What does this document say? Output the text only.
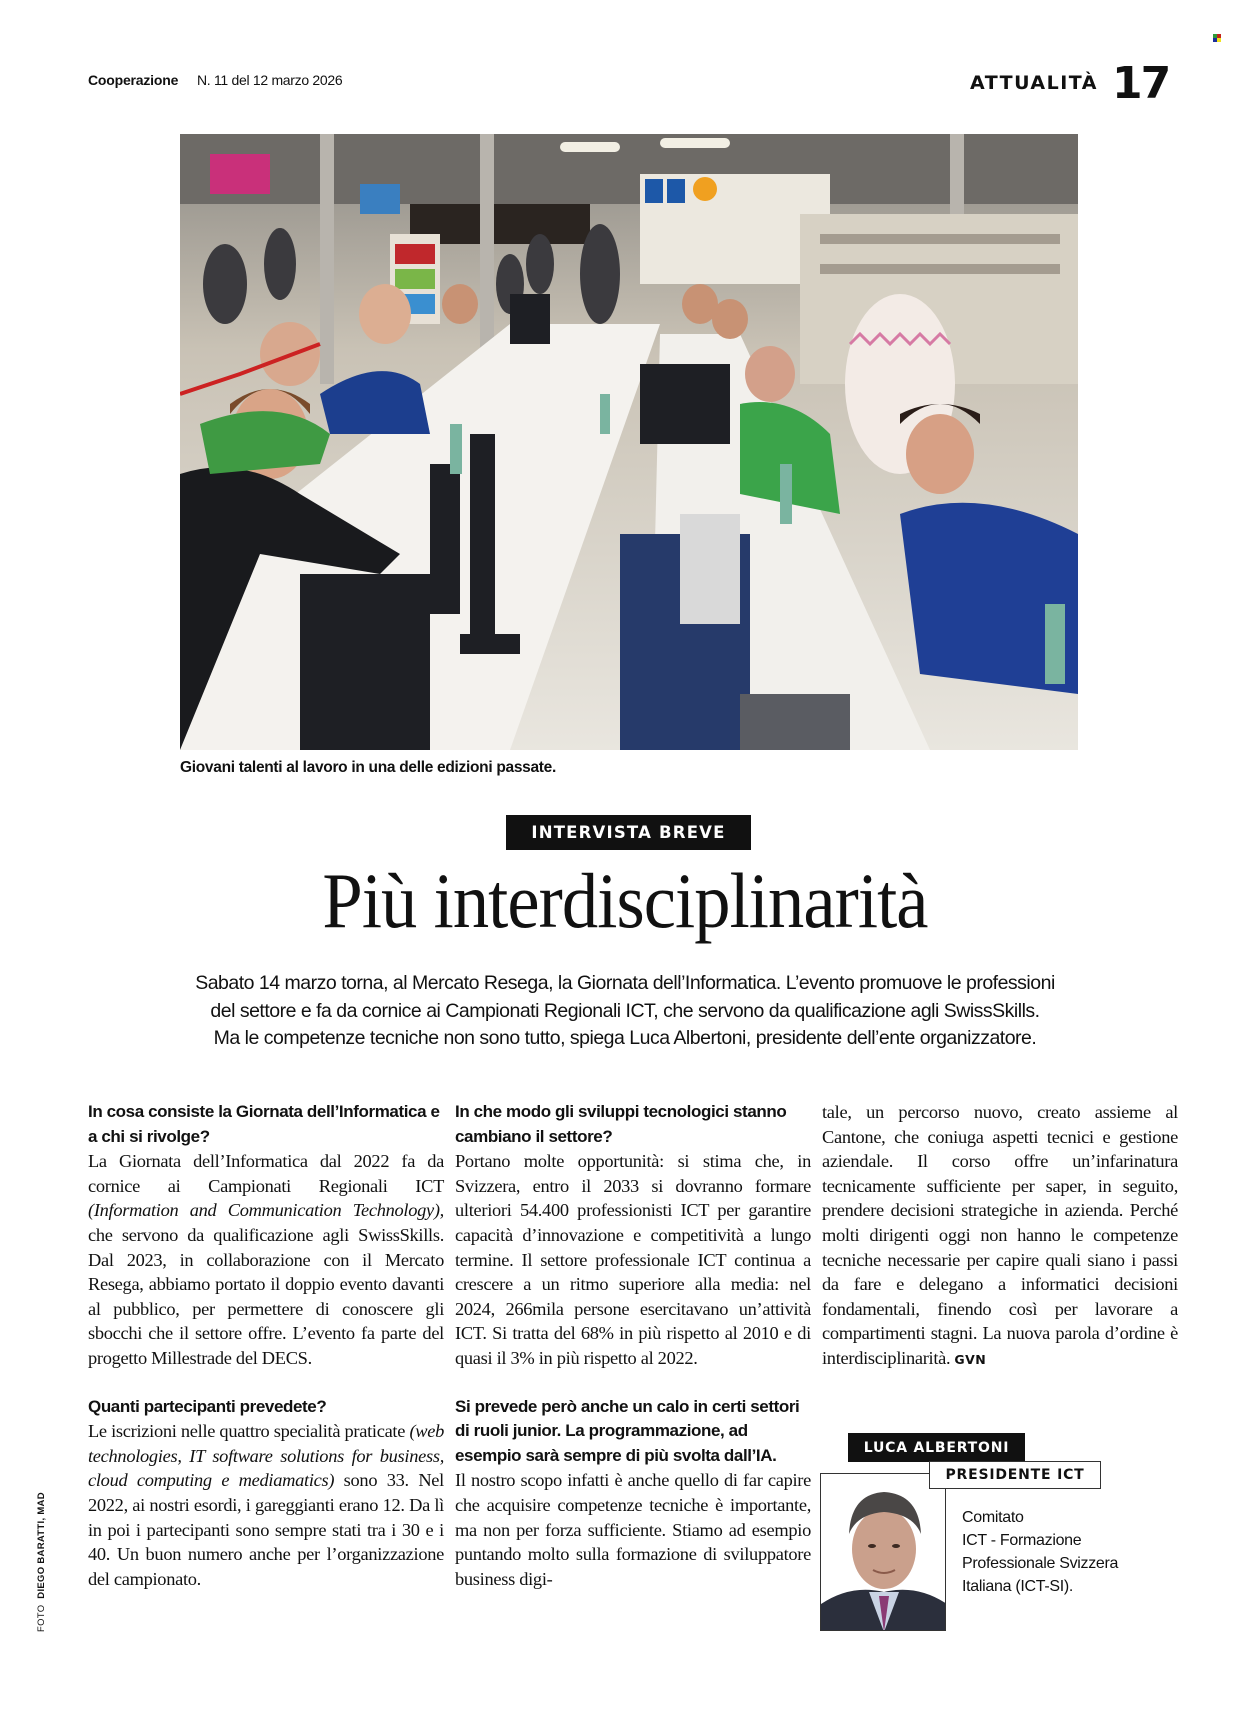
Cooperazione N. 11 del 12 marzo 2026	ATTUALITÀ 17
Giovani talenti al lavoro in una delle edizioni passate.
INTERVISTA BREVE
Più interdisciplinarità
Sabato 14 marzo torna, al Mercato Resega, la Giornata dell’Informatica. L’evento promuove le professioni
del settore e fa da cornice ai Campionati Regionali ICT, che servono da qualificazione agli SwissSkills.
Ma le competenze tecniche non sono tutto, spiega Luca Albertoni, presidente dell’ente organizzatore.
In cosa consiste la Giornata dell’Informatica e a chi si rivolge?

La Giornata dell’Informatica dal 2022 fa da cornice ai Campionati Regionali ICT (Information and Communication Technology), che servono da qualificazione agli SwissSkills. Dal 2023, in collaborazione con il Mercato Resega, abbiamo portato il doppio evento davanti al pubblico, per permettere di conoscere gli sbocchi che il settore offre. L’evento fa parte del progetto Millestrade del DECS.

Quanti partecipanti prevedete?

Le iscrizioni nelle quattro specialità praticate (web technologies, IT software solutions for business, cloud computing e mediamatics) sono 33. Nel 2022, ai nostri esordi, i gareggianti erano 12. Da lì in poi i partecipanti sono sempre stati tra i 30 e i 40. Un buon numero anche per l’organizzazione del campionato.

In che modo gli sviluppi tecnologici stanno cambiano il settore?

Portano molte opportunità: si stima che, in Svizzera, entro il 2033 si dovranno formare ulteriori 54.400 professionisti ICT per garantire capacità d’innovazione e competitività a lungo termine. Il settore professionale ICT continua a crescere a un ritmo superiore alla media: nel 2024, 266mila persone esercitavano un’attività ICT. Si tratta del 68% in più rispetto al 2010 e di quasi il 3% in più rispetto al 2022.

Si prevede però anche un calo in certi settori di ruoli junior. La programmazione, ad esempio sarà sempre di più svolta dall’IA.

Il nostro scopo infatti è anche quello di far capire che acquisire competenze tecniche è importante, ma non per forza sufficiente. Stiamo ad esempio puntando molto sulla formazione di sviluppatore business digi-

tale, un percorso nuovo, creato assieme al Cantone, che coniuga aspetti tecnici e gestione aziendale. Il corso offre un’infarinatura tecnicamente sufficiente per saper, in seguito, prendere decisioni strategiche in azienda. Perché molti dirigenti oggi non hanno le competenze tecniche necessarie per capire quali siano i passi da fare e delegano a informatici decisioni fondamentali, finendo così per lavorare a compartimenti stagni. La nuova parola d’ordine è interdisciplinarità. GVN

LUCA ALBERTONI
PRESIDENTE ICT
Comitato
ICT - Formazione
Professionale Svizzera
Italiana (ICT-SI).
FOTO  DIEGO BARATTI, MAD
